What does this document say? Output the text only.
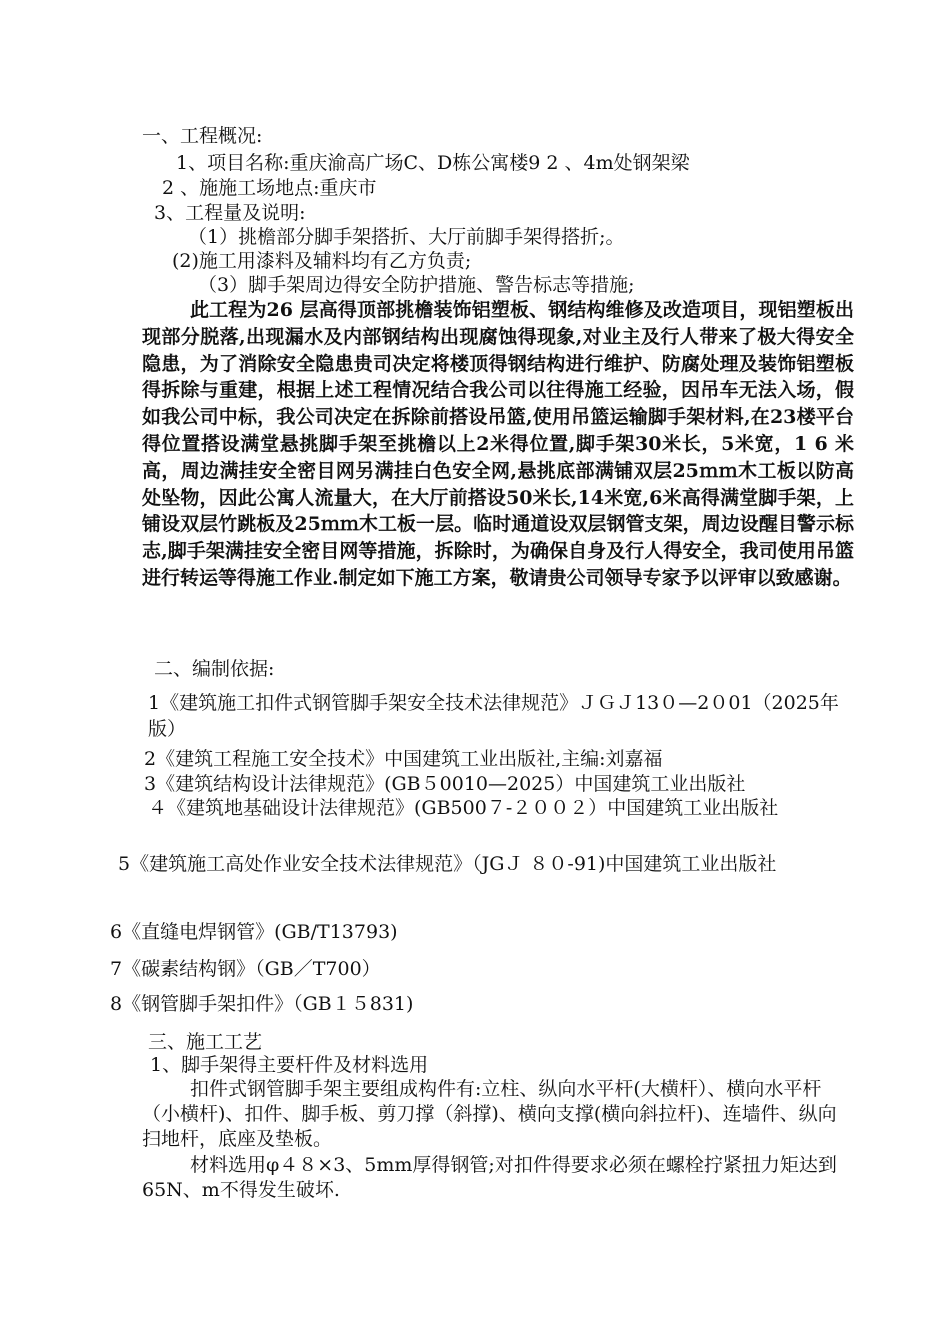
一、工程概况:
1、项目名称:重庆渝高广场C、D栋公寓楼9 2 、4m处钢架梁
2 、施施工场地点:重庆市
3、工程量及说明:
（1）挑檐部分脚手架搭折、大厅前脚手架得搭折;。
(2)施工用漆料及辅料均有乙方负责;
（3）脚手架周边得安全防护措施、警告标志等措施;
此工程为26 层高得顶部挑檐装饰铝塑板、钢结构维修及改造项目，现铝塑板出现部分脱落,出现漏水及内部钢结构出现腐蚀得现象,对业主及行人带来了极大得安全隐患，为了消除安全隐患贵司决定将楼顶得钢结构进行维护、防腐处理及装饰铝塑板得拆除与重建，根据上述工程情况结合我公司以往得施工经验，因吊车无法入场，假如我公司中标，我公司决定在拆除前搭设吊篮,使用吊篮运输脚手架材料,在23楼平台得位置搭设满堂悬挑脚手架至挑檐以上2米得位置,脚手架30米长，5米宽，1 6 米高，周边满挂安全密目网另满挂白色安全网,悬挑底部满铺双层25ｍｍ木工板以防高处坠物，因此公寓人流量大，在大厅前搭设50米长,14米宽,6米高得满堂脚手架，上铺设双层竹跳板及25ｍｍ木工板一层。临时通道设双层钢管支架，周边设醒目警示标志,脚手架满挂安全密目网等措施，拆除时，为确保自身及行人得安全，我司使用吊篮进行转运等得施工作业.制定如下施工方案，敬请贵公司领导专家予以评审以致感谢。
二、编制依据:
1《建筑施工扣件式钢管脚手架安全技术法律规范》ＪＧＪ13０—2０01（2025年版）
2《建筑工程施工安全技术》中国建筑工业出版社,主编:刘嘉福
3《建筑结构设计法律规范》(GB５0010—2025）中国建筑工业出版社
４《建筑地基础设计法律规范》(GB500７-２００２）中国建筑工业出版社
5《建筑施工高处作业安全技术法律规范》（JGＪ ８０-91)中国建筑工业出版社
6《直缝电焊钢管》(GB/T13793)
7《碳素结构钢》（GB／T700）
8《钢管脚手架扣件》（GB１５831)
三、施工工艺
1、脚手架得主要杆件及材料选用
扣件式钢管脚手架主要组成构件有:立柱、纵向水平杆(大横杆）、横向水平杆（小横杆)、扣件、脚手板、剪刀撑（斜撑)、横向支撑(横向斜拉杆)、连墙件、纵向扫地杆，底座及垫板。
材料选用φ４８×3、5mm厚得钢管;对扣件得要求必须在螺栓拧紧扭力矩达到65N、m不得发生破坏.
